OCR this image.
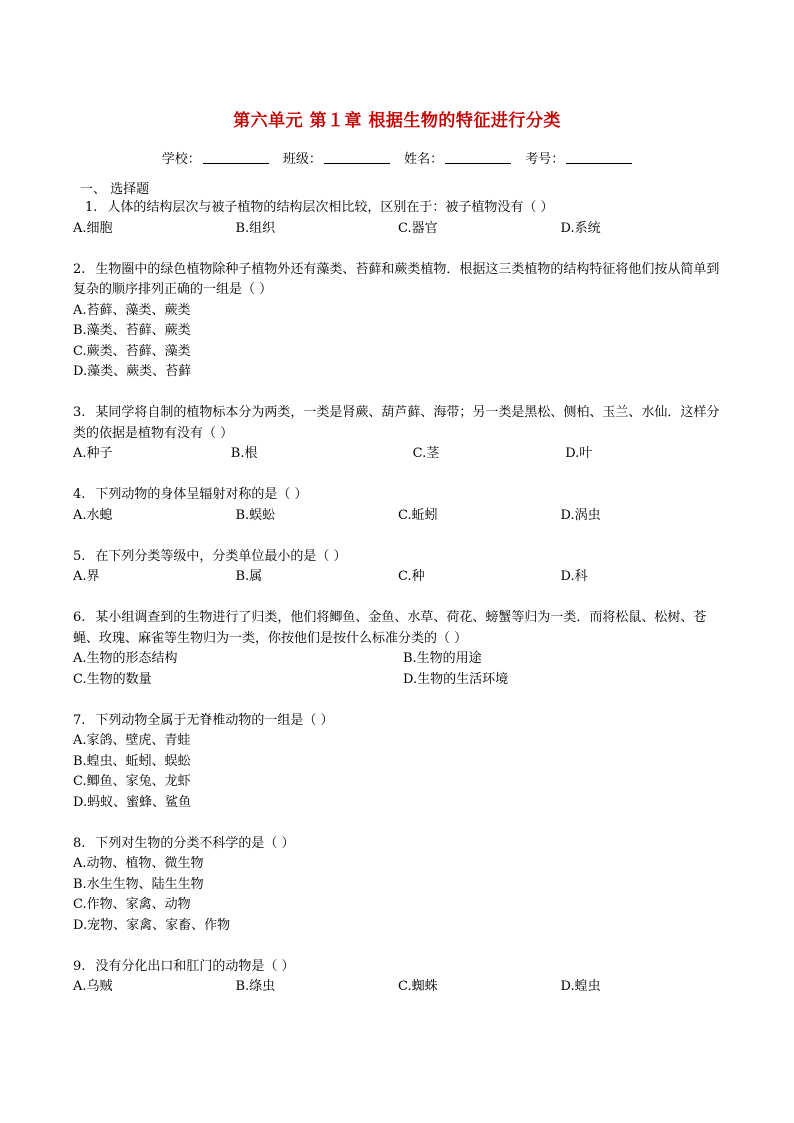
第六单元 第１章 根据生物的特征进行分类
学校：	班级：	姓名：	考号：
一、 选择题
1. 人体的结构层次与被子植物的结构层次相比较，区别在于：被子植物没有（ ）
A.细胞	B.组织	C.器官	D.系统
2. 生物圈中的绿色植物除种子植物外还有藻类、苔藓和蕨类植物．根据这三类植物的结构特征将他们按从简单到复杂的顺序排列正确的一组是（ ）
A.苔藓、藻类、蕨类
B.藻类、苔藓、蕨类
C.蕨类、苔藓、藻类
D.藻类、蕨类、苔藓
3. 某同学将自制的植物标本分为两类，一类是肾蕨、葫芦藓、海带；另一类是黑松、侧柏、玉兰、水仙．这样分类的依据是植物有没有（ ）
A.种子	B.根	C.茎	D.叶
4. 下列动物的身体呈辐射对称的是（ ）
A.水螅	B.蜈蚣	C.蚯蚓	D.涡虫
5. 在下列分类等级中，分类单位最小的是（ ）
A.界	B.属	C.种	D.科
6. 某小组调查到的生物进行了归类，他们将鲫鱼、金鱼、水草、荷花、螃蟹等归为一类．而将松鼠、松树、苍蝇、玫瑰、麻雀等生物归为一类，你按他们是按什么标准分类的（ ）
A.生物的形态结构	B.生物的用途
C.生物的数量	D.生物的生活环境
7. 下列动物全属于无脊椎动物的一组是（ ）
A.家鸽、壁虎、青蛙
B.蝗虫、蚯蚓、蜈蚣
C.鲫鱼、家兔、龙虾
D.蚂蚁、蜜蜂、鲨鱼
8. 下列对生物的分类不科学的是（ ）
A.动物、植物、微生物
B.水生生物、陆生生物
C.作物、家禽、动物
D.宠物、家禽、家畜、作物
9. 没有分化出口和肛门的动物是（ ）
A.乌贼	B.绦虫	C.蜘蛛	D.蝗虫
